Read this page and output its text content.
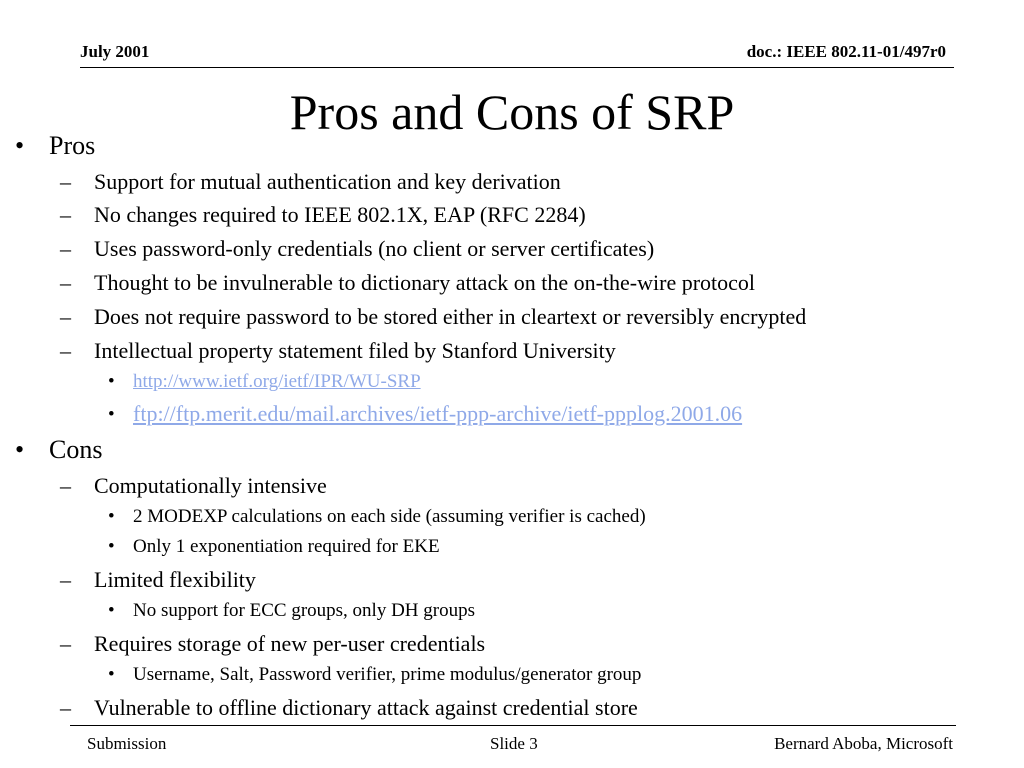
July 2001	doc.: IEEE 802.11-01/497r0
Pros and Cons of SRP
• Pros
– Support for mutual authentication and key derivation
– No changes required to IEEE 802.1X, EAP (RFC 2284)
– Uses password-only credentials (no client or server certificates)
– Thought to be invulnerable to dictionary attack on the on-the-wire protocol
– Does not require password to be stored either in cleartext or reversibly encrypted
– Intellectual property statement filed by Stanford University
• http://www.ietf.org/ietf/IPR/WU-SRP
• ftp://ftp.merit.edu/mail.archives/ietf-ppp-archive/ietf-ppplog.2001.06
• Cons
– Computationally intensive
• 2 MODEXP calculations on each side (assuming verifier is cached)
• Only 1 exponentiation required for EKE
– Limited flexibility
• No support for ECC groups, only DH groups
– Requires storage of new per-user credentials
• Username, Salt, Password verifier, prime modulus/generator group
– Vulnerable to offline dictionary attack against credential store
Submission	Slide 3	Bernard Aboba, Microsoft
